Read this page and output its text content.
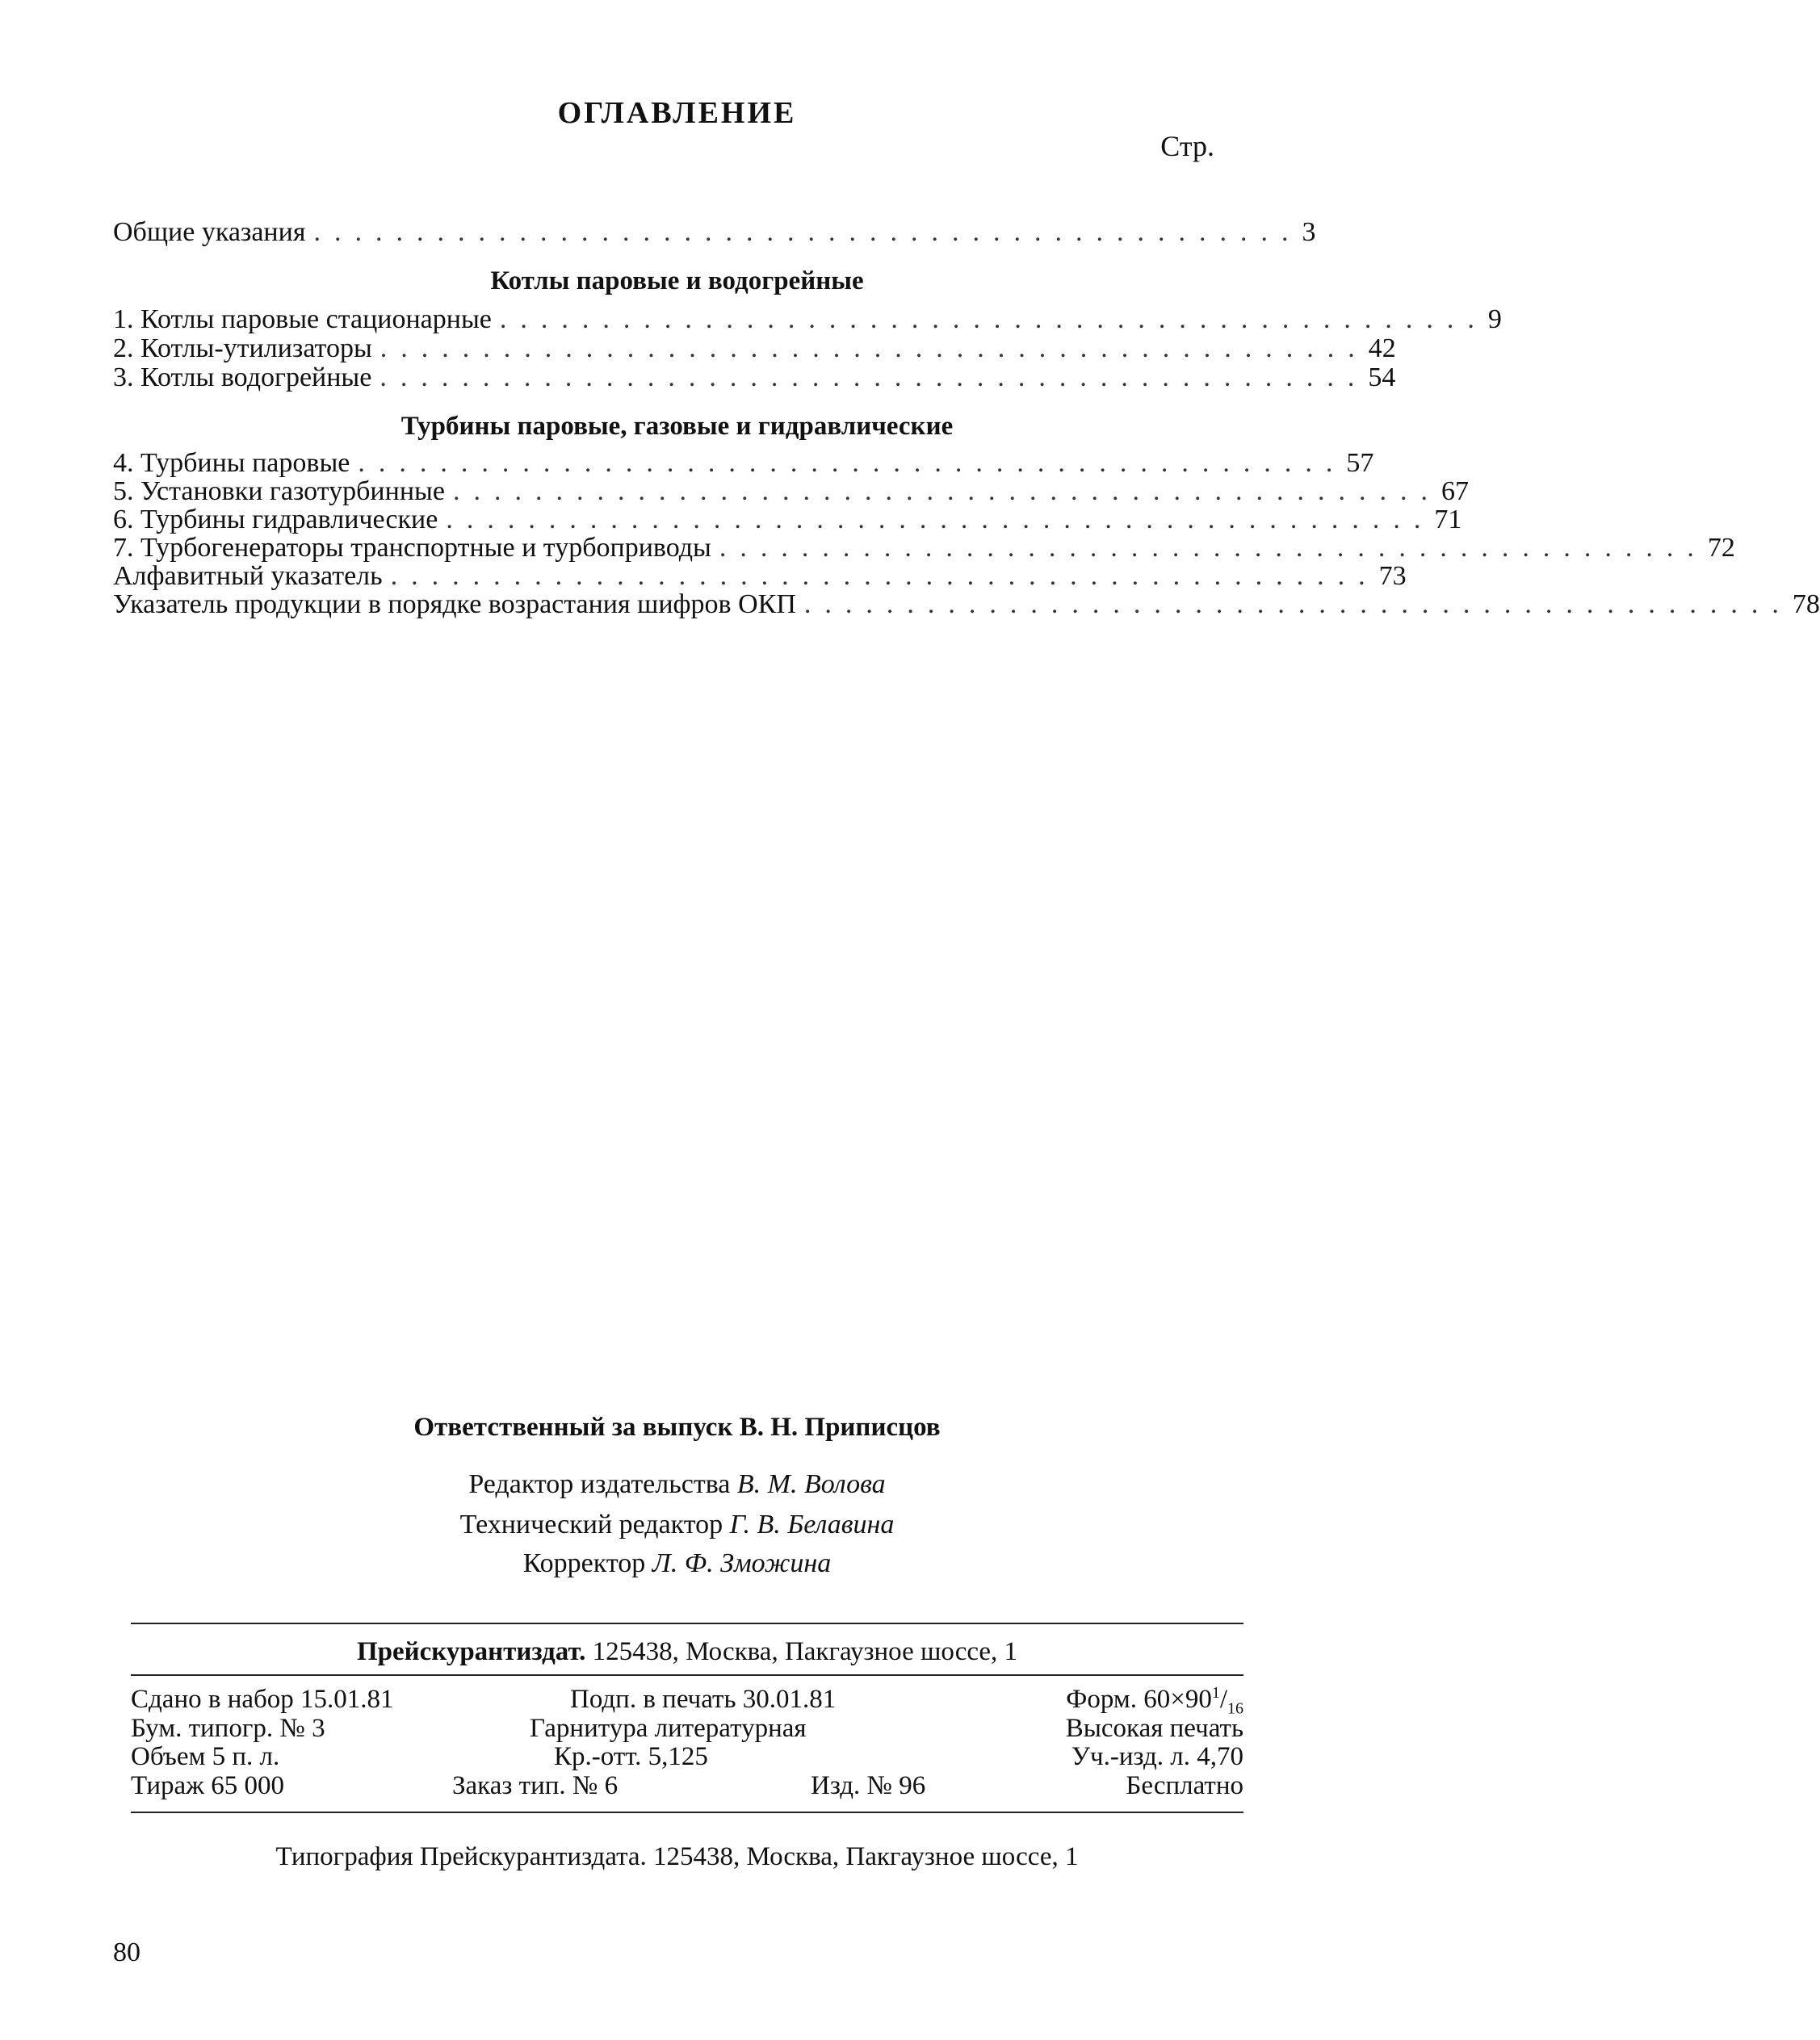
ОГЛАВЛЕНИЕ
Стр.
Общие указания ................................................ 3
Котлы паровые и водогрейные
1. Котлы паровые стационарные ................................................ 9
2. Котлы-утилизаторы ................................................ 42
3. Котлы водогрейные ................................................ 54
Турбины паровые, газовые и гидравлические
4. Турбины паровые ................................................ 57
5. Установки газотурбинные ................................................ 67
6. Турбины гидравлические ................................................ 71
7. Турбогенераторы транспортные и турбоприводы ................................................ 72
Алфавитный указатель ................................................ 73
Указатель продукции в порядке возрастания шифров ОКП ................................................ 78
Ответственный за выпуск В. Н. Приписцов
Редактор издательства В. М. Волова
Технический редактор Г. В. Белавина
Корректор Л. Ф. Зможина
Прейскурантиздат. 125438, Москва, Пакгаузное шоссе, 1
Сдано в набор 15.01.81	Подп. в печать 30.01.81	Форм. $60\times 90^1/_{16}$
Бум. типогр. № 3	Гарнитура литературная	Высокая печать
Объем 5 п. л.	Кр.-отт. 5,125	Уч.-изд. л. 4,70
Тираж 65 000	Заказ тип. № 6	Изд. № 96	Бесплатно
Типография Прейскурантиздата. 125438, Москва, Пакгаузное шоссе, 1
80
